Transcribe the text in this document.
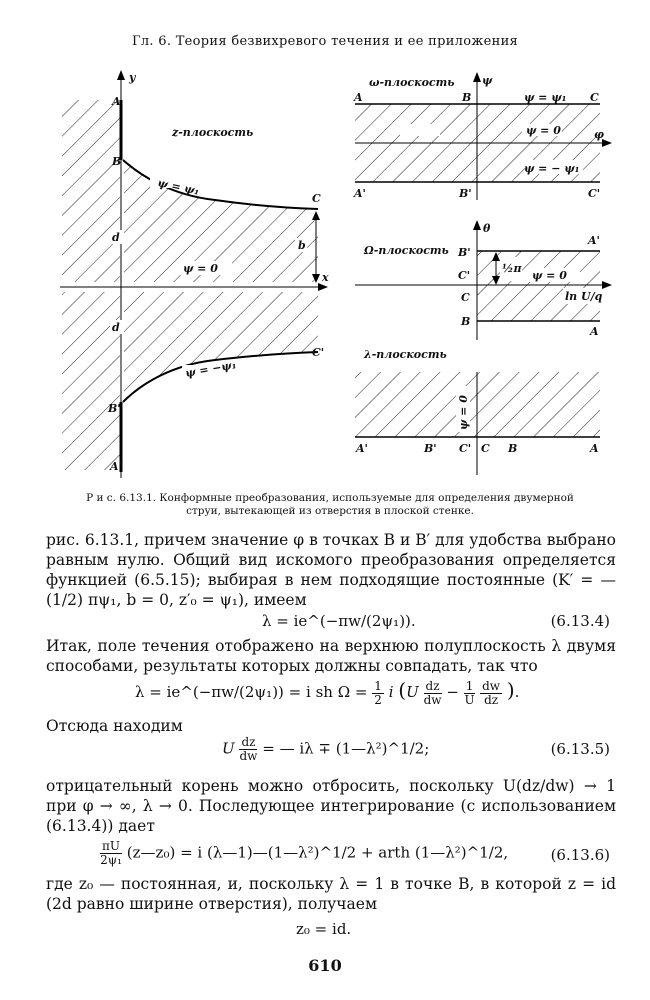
Гл. 6. Теория безвихревого течения и ее приложения
A
y
B
C
z-плоскость
ψ = ψ₁
ψ = 0
x
d
d
b
ψ = −ψ₁
C'
B'
A'
ω-плоскость	ψ
A	B	ψ = ψ₁ C
ψ = 0	φ
ψ = − ψ₁
A'	B'	C'
θ
Ω-плоскость B'
A'
½π
ψ = 0
C'
C	ln U/q
B
A
λ-плоскость
ψ = 0
A'	B' C' C B	A
Р и с. 6.13.1. Конформные преобразования, используемые для определения двумерной
струи, вытекающей из отверстия в плоской стенке.
рис. 6.13.1, причем значение φ в точках B и B′ для удобства выбрано равным нулю. Общий вид искомого преобразования определяется функцией (6.5.15); выбирая в нем подходящие постоянные (K′ = —(1/2) πψ₁, b = 0, z′₀ = ψ₁), имеем
λ = ie^(−πw/(2ψ₁)).	(6.13.4)
Итак, поле течения отображено на верхнюю полуплоскость λ двумя способами, результаты которых должны совпадать, так что
λ = ie^(−πw/(2ψ₁)) = i sh $\Omega = \frac{1}{2}$ i ($U \frac{dz}{dw} - \frac{1}{U}$
$\frac{dw}{dz}$ ).
Отсюда находим
U $\frac{dz}{dw}$ = — iλ ∓ (1—λ²)^1/2;	(6.13.5)
отрицательный корень можно отбросить, поскольку U(dz/dw) → 1 при φ → ∞, λ → 0. Последующее интегрирование (с использованием (6.13.4)) дает
$\frac{\pi U}{\text{2ψ₁}}$ (z—z₀) = i (λ—1)—(1—λ²)^1/2 + arth (1—λ²)^1/2,	(6.13.6)
где z₀ — постоянная, и, поскольку λ = 1 в точке B, в которой z = id (2d равно ширине отверстия), получаем
z₀ = id.
610
